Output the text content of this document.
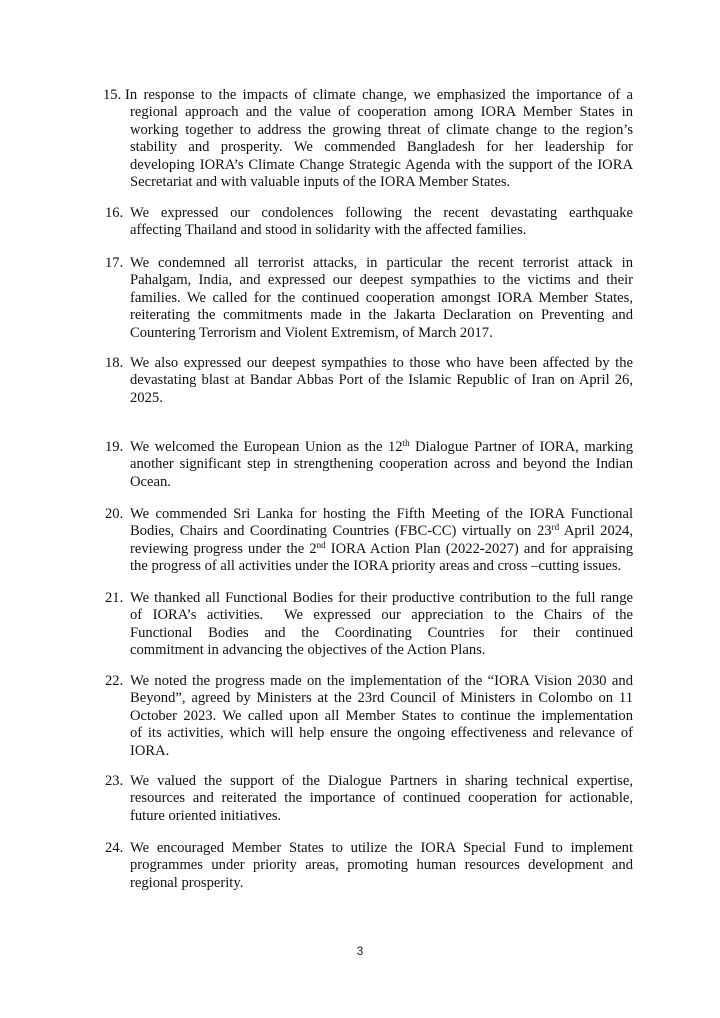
15. In response to the impacts of climate change, we emphasized the importance of a
regional approach and the value of cooperation among IORA Member States in
working together to address the growing threat of climate change to the region’s
stability and prosperity. We commended Bangladesh for her leadership for
developing IORA’s Climate Change Strategic Agenda with the support of the IORA
Secretariat and with valuable inputs of the IORA Member States.
16. We expressed our condolences following the recent devastating earthquake
affecting Thailand and stood in solidarity with the affected families.
17. We condemned all terrorist attacks, in particular the recent terrorist attack in
Pahalgam, India, and expressed our deepest sympathies to the victims and their
families. We called for the continued cooperation amongst IORA Member States,
reiterating the commitments made in the Jakarta Declaration on Preventing and
Countering Terrorism and Violent Extremism, of March 2017.
18. We also expressed our deepest sympathies to those who have been affected by the
devastating blast at Bandar Abbas Port of the Islamic Republic of Iran on April 26,
2025.
19. We welcomed the European Union as the 12th Dialogue Partner of IORA, marking
another significant step in strengthening cooperation across and beyond the Indian
Ocean.
20. We commended Sri Lanka for hosting the Fifth Meeting of the IORA Functional
Bodies, Chairs and Coordinating Countries (FBC-CC) virtually on 23rd April 2024,
reviewing progress under the 2nd IORA Action Plan (2022-2027) and for appraising
the progress of all activities under the IORA priority areas and cross –cutting issues.
21. We thanked all Functional Bodies for their productive contribution to the full range
of IORA’s activities.  We expressed our appreciation to the Chairs of the
Functional Bodies and the Coordinating Countries for their continued
commitment in advancing the objectives of the Action Plans.
22. We noted the progress made on the implementation of the “IORA Vision 2030 and
Beyond”, agreed by Ministers at the 23rd Council of Ministers in Colombo on 11
October 2023. We called upon all Member States to continue the implementation
of its activities, which will help ensure the ongoing effectiveness and relevance of
IORA.
23. We valued the support of the Dialogue Partners in sharing technical expertise,
resources and reiterated the importance of continued cooperation for actionable,
future oriented initiatives.
24. We encouraged Member States to utilize the IORA Special Fund to implement
programmes under priority areas, promoting human resources development and
regional prosperity.
3
